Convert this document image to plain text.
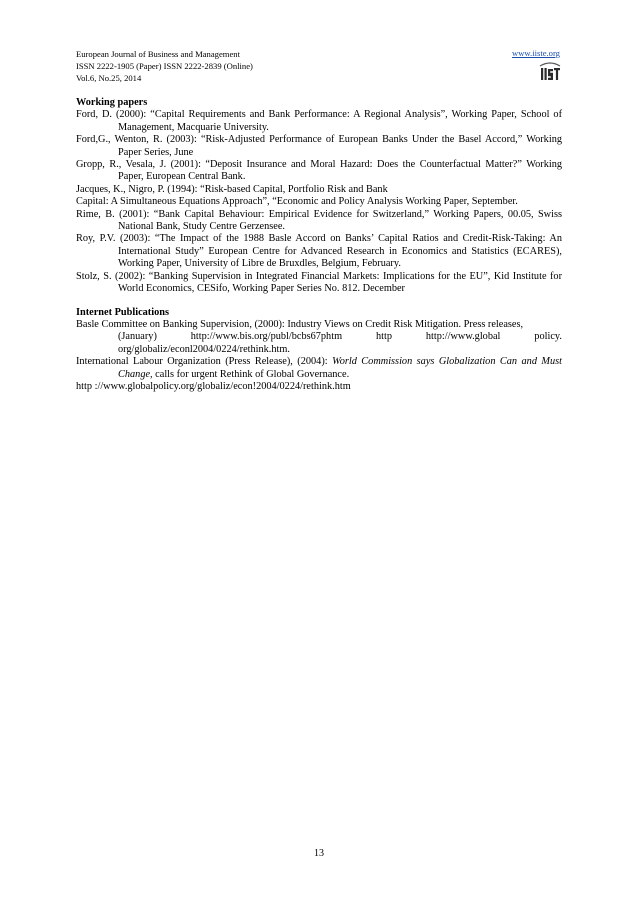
European Journal of Business and Management
ISSN 2222-1905 (Paper) ISSN 2222-2839 (Online)
Vol.6, No.25, 2014
www.iiste.org

Working papers

Ford, D. (2000): “Capital Requirements and Bank Performance: A Regional Analysis”, Working Paper, School of Management, Macquarie University.

Ford,G., Wenton, R. (2003): “Risk-Adjusted Performance of European Banks Under the Basel Accord,” Working Paper Series, June

Gropp, R., Vesala, J. (2001): “Deposit Insurance and Moral Hazard: Does the Counterfactual Matter?” Working Paper, European Central Bank.

Jacques, K., Nigro, P. (1994): “Risk-based Capital, Portfolio Risk and Bank

Capital: A Simultaneous Equations Approach”, “Economic and Policy Analysis Working Paper, September.

Rime, B. (2001): “Bank Capital Behaviour: Empirical Evidence for Switzerland,” Working Papers, 00.05, Swiss National Bank, Study Centre Gerzensee.

Roy, P.V. (2003): “The Impact of the 1988 Basle Accord on Banks’ Capital Ratios and Credit-Risk-Taking: An International Study” European Centre for Advanced Research in Economics and Statistics (ECARES), Working Paper, University of Libre de Bruxdles, Belgium, February.

Stolz, S. (2002): “Banking Supervision in Integrated Financial Markets: Implications for the EU”, Kid Institute for World Economics, CESifo, Working Paper Series No. 812. December

Internet Publications

Basle Committee on Banking Supervision, (2000): Industry Views on Credit Risk Mitigation. Press releases,

(January)	http://www.bis.org/publ/bcbs67phtm	http	http://www.global	policy.

org/globaliz/econl2004/0224/rethink.htm.

International Labour Organization (Press Release), (2004): World Commission says Globalization Can and Must Change, calls for urgent Rethink of Global Governance.

http ://www.globalpolicy.org/globaliz/econ!2004/0224/rethink.htm

13
